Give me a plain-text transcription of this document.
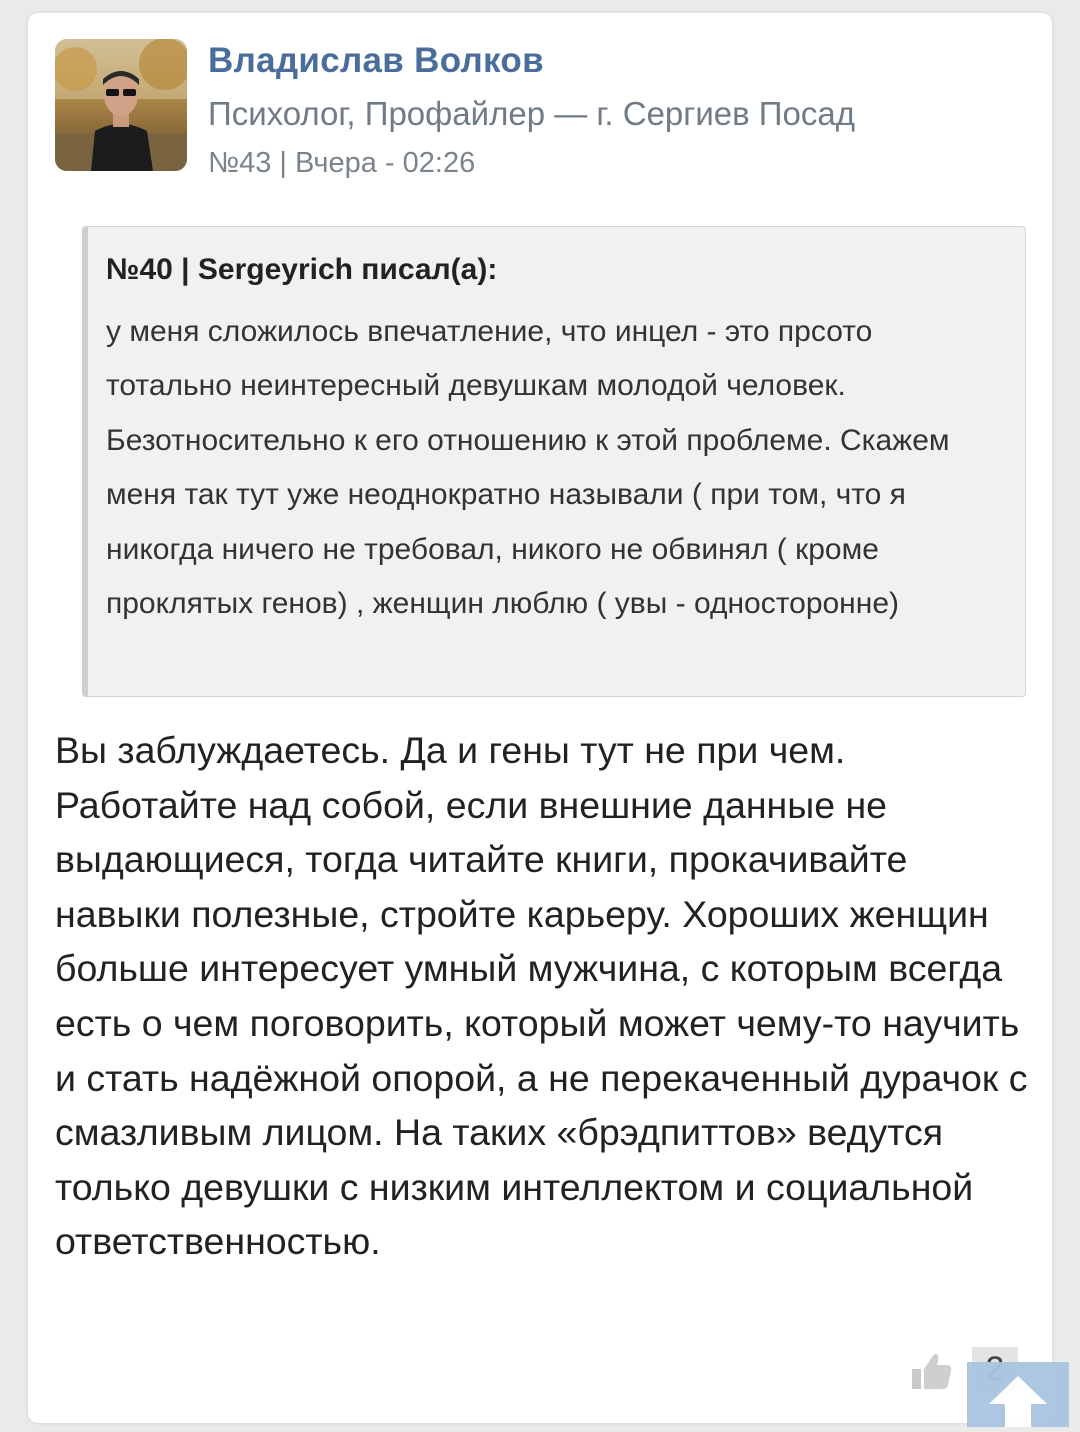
Владислав Волков
Психолог, Профайлер — г. Сергиев Посад
№43 | Вчера - 02:26
№40 | Sergeyrich писал(а):
у меня сложилось впечатление, что инцел - это прсото тотально неинтересный девушкам молодой человек. Безотносительно к его отношению к этой проблеме. Скажем меня так тут уже неоднократно называли ( при том, что я никогда ничего не требовал, никого не обвинял ( кроме проклятых генов) , женщин люблю ( увы - односторонне)
Вы заблуждаетесь. Да и гены тут не при чем. Работайте над собой, если внешние данные не выдающиеся, тогда читайте книги, прокачивайте навыки полезные, стройте карьеру. Хороших женщин больше интересует умный мужчина, с которым всегда есть о чем поговорить, который может чему-то научить и стать надёжной опорой, а не перекаченный дурачок с смазливым лицом. На таких «брэдпиттов» ведутся только девушки с низким интеллектом и социальной ответственностью.
